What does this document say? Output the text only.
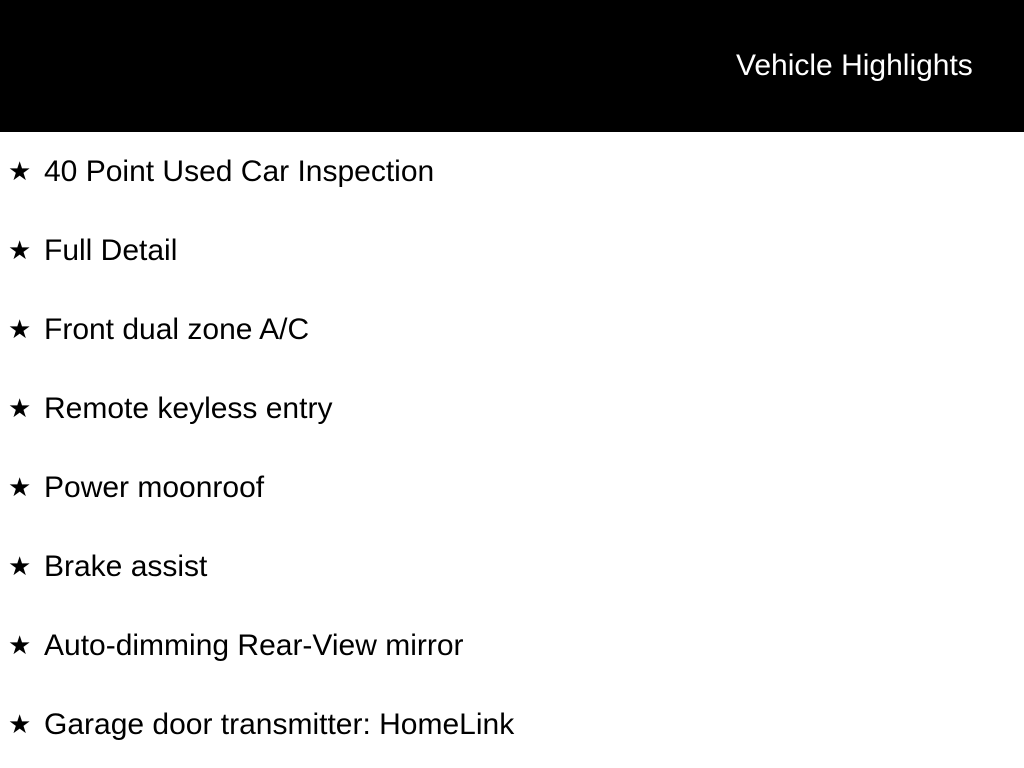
Vehicle Highlights
★ 40 Point Used Car Inspection
★ Full Detail
★ Front dual zone A/C
★ Remote keyless entry
★ Power moonroof
★ Brake assist
★ Auto-dimming Rear-View mirror
★ Garage door transmitter: HomeLink
